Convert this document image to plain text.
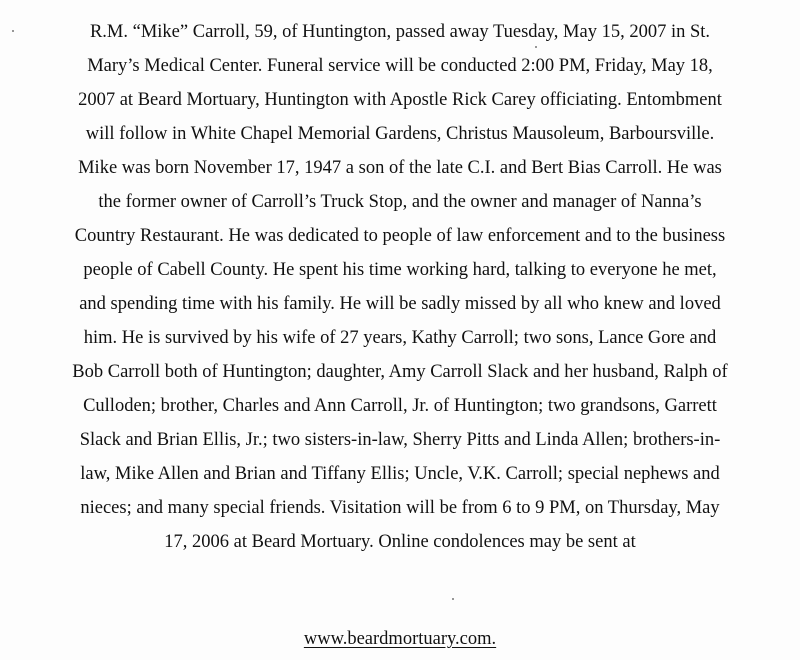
R.M. “Mike” Carroll, 59, of Huntington, passed away Tuesday, May 15, 2007 in St.
Mary’s Medical Center. Funeral service will be conducted 2:00 PM, Friday, May 18,
2007 at Beard Mortuary, Huntington with Apostle Rick Carey officiating. Entombment
will follow in White Chapel Memorial Gardens, Christus Mausoleum, Barboursville.
Mike was born November 17, 1947 a son of the late C.I. and Bert Bias Carroll. He was
the former owner of Carroll’s Truck Stop, and the owner and manager of Nanna’s
Country Restaurant. He was dedicated to people of law enforcement and to the business
people of Cabell County. He spent his time working hard, talking to everyone he met,
and spending time with his family. He will be sadly missed by all who knew and loved
him. He is survived by his wife of 27 years, Kathy Carroll; two sons, Lance Gore and
Bob Carroll both of Huntington; daughter, Amy Carroll Slack and her husband, Ralph of
Culloden; brother, Charles and Ann Carroll, Jr. of Huntington; two grandsons, Garrett
Slack and Brian Ellis, Jr.; two sisters-in-law, Sherry Pitts and Linda Allen; brothers-in-
law, Mike Allen and Brian and Tiffany Ellis; Uncle, V.K. Carroll; special nephews and
nieces; and many special friends. Visitation will be from 6 to 9 PM, on Thursday, May
17, 2006 at Beard Mortuary. Online condolences may be sent at
www.beardmortuary.com.
